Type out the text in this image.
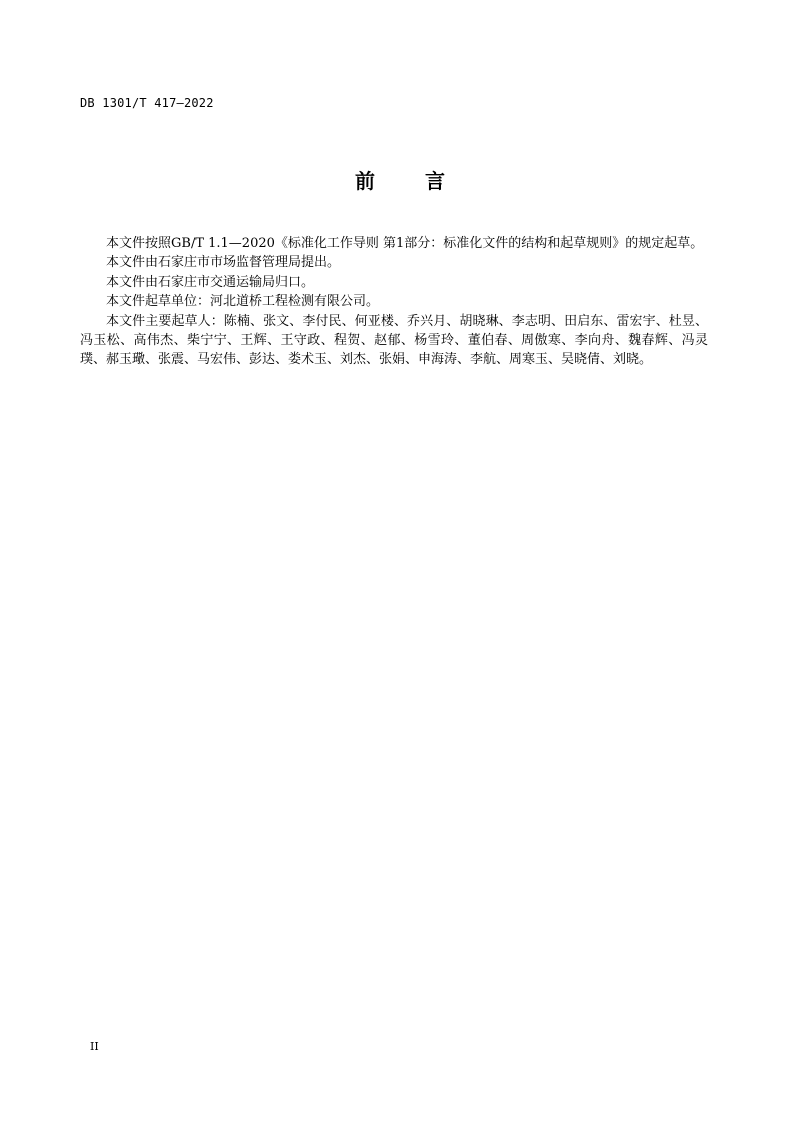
DB 1301/T 417—2022
前	言

本文件按照GB/T 1.1—2020《标准化工作导则 第1部分：标准化文件的结构和起草规则》的规定起草。

本文件由石家庄市市场监督管理局提出。

本文件由石家庄市交通运输局归口。

本文件起草单位：河北道桥工程检测有限公司。

本文件主要起草人：陈楠、张文、李付民、何亚楼、乔兴月、胡晓琳、李志明、田启东、雷宏宇、杜昱、冯玉松、高伟杰、柴宁宁、王辉、王守政、程贺、赵郁、杨雪玲、董伯春、周傲寒、李向舟、魏春辉、冯灵璞、郝玉璥、张震、马宏伟、彭达、娄术玉、刘杰、张娟、申海涛、李航、周寒玉、吴晓倩、刘晓。

II
